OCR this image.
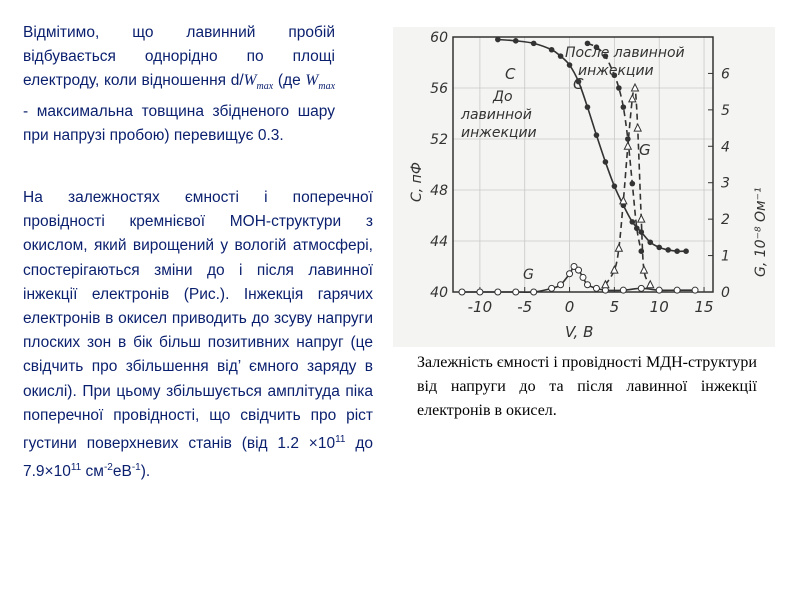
Відмітимо, що лавинний пробій відбувається однорідно по площі електроду, коли відношення $d/W_{max}$ (де $W_{max}$ - максимальна товщина збідненого шару при напрузі пробою) перевищує 0.3.
На залежностях ємності і поперечної провідності кремнієвої МОН-структури з окислом, який вирощений у вологій атмосфері, спостерігаються зміни до і після лавинної інжекції електронів (Рис.). Інжекція гарячих електронів в окисел приводить до зсуву напруги плоских зон в бік більш позитивних напруг (це свідчить про збільшення від’ ємного заряду в окислі). При цьому збільшується амплітуда піка поперечної провідності, що свідчить про ріст густини поверхневих станів (від $1.2 \times 10^{11}$ до $7.9\times 10^{11}$ $см^{-2}еВ^{-1}$).
-10 -5 0 5 10 15
40
44
48
52
56
60
0
1
2
3
4
5
6
После лавинной
инжекции
До
лавинной
инжекции
C
C
G
G
C, пФ
G, 10⁻⁸ Ом⁻¹
V, В
Залежність ємності і провідності МДН-структури від напруги до та після лавинної інжекції електронів в окисел.
